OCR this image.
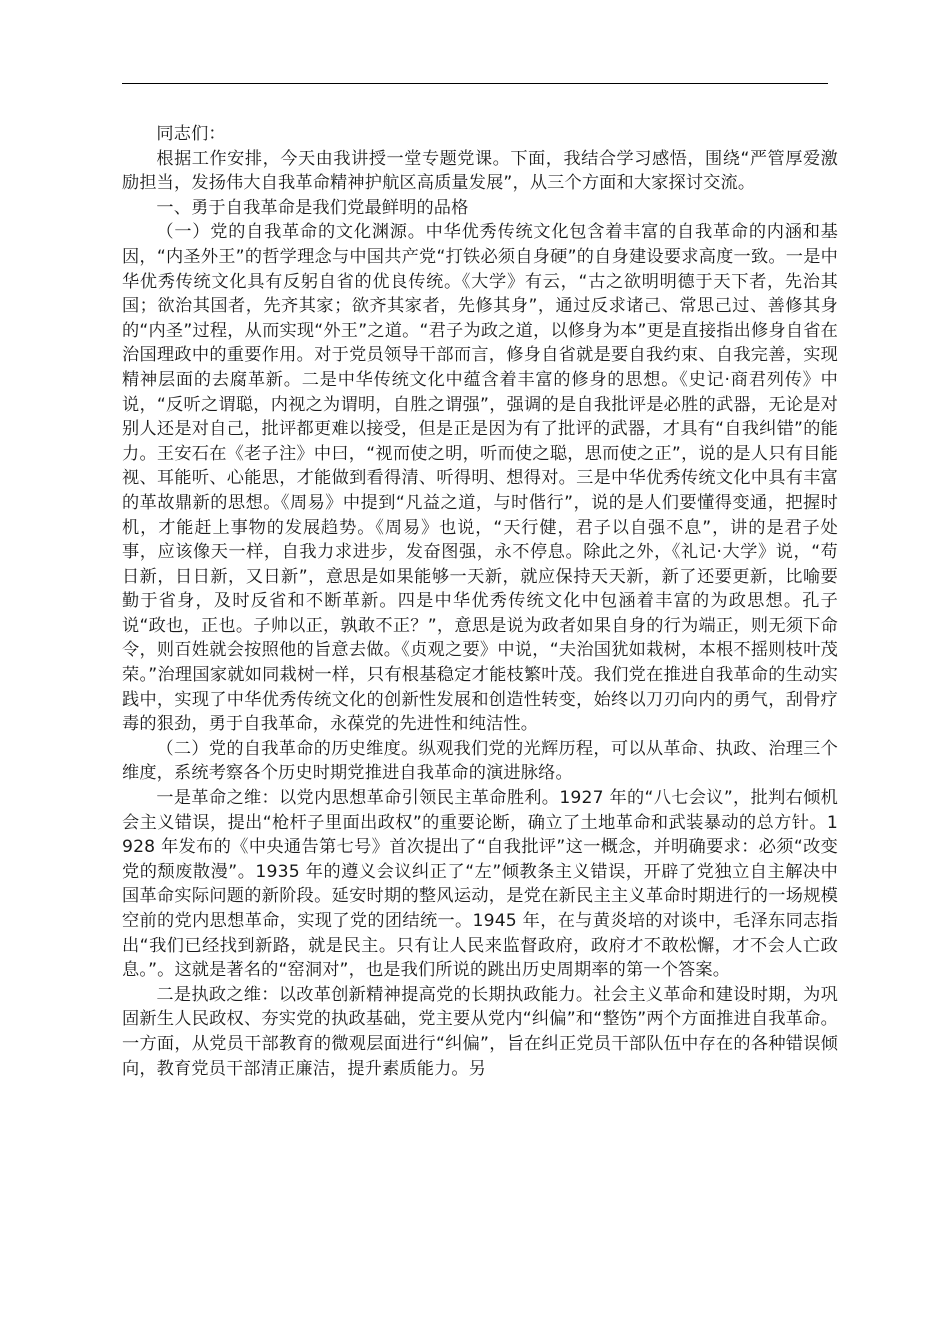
同志们：

根据工作安排，今天由我讲授一堂专题党课。下面，我结合学习感悟，围绕“严管厚爱激励担当，发扬伟大自我革命精神护航区高质量发展”，从三个方面和大家探讨交流。

一、勇于自我革命是我们党最鲜明的品格

（一）党的自我革命的文化渊源。中华优秀传统文化包含着丰富的自我革命的内涵和基因，“内圣外王”的哲学理念与中国共产党“打铁必须自身硬”的自身建设要求高度一致。一是中华优秀传统文化具有反躬自省的优良传统。《大学》有云，“古之欲明明德于天下者，先治其国；欲治其国者，先齐其家；欲齐其家者，先修其身”，通过反求诸己、常思己过、善修其身的“内圣”过程，从而实现“外王”之道。“君子为政之道，以修身为本”更是直接指出修身自省在治国理政中的重要作用。对于党员领导干部而言，修身自省就是要自我约束、自我完善，实现精神层面的去腐革新。二是中华传统文化中蕴含着丰富的修身的思想。《史记·商君列传》中说，“反听之谓聪，内视之为谓明，自胜之谓强”，强调的是自我批评是必胜的武器，无论是对别人还是对自己，批评都更难以接受，但是正是因为有了批评的武器，才具有“自我纠错”的能力。王安石在《老子注》中曰，“视而使之明，听而使之聪，思而使之正”，说的是人只有目能视、耳能听、心能思，才能做到看得清、听得明、想得对。三是中华优秀传统文化中具有丰富的革故鼎新的思想。《周易》中提到“凡益之道，与时偕行”，说的是人们要懂得变通，把握时机，才能赶上事物的发展趋势。《周易》也说，“天行健，君子以自强不息”，讲的是君子处事，应该像天一样，自我力求进步，发奋图强，永不停息。除此之外，《礼记·大学》说，“苟日新，日日新，又日新”，意思是如果能够一天新，就应保持天天新，新了还要更新，比喻要勤于省身，及时反省和不断革新。四是中华优秀传统文化中包涵着丰富的为政思想。孔子说“政也，正也。子帅以正，孰敢不正？”，意思是说为政者如果自身的行为端正，则无须下命令，则百姓就会按照他的旨意去做。《贞观之要》中说，“夫治国犹如栽树，本根不摇则枝叶茂荣。”治理国家就如同栽树一样，只有根基稳定才能枝繁叶茂。我们党在推进自我革命的生动实践中，实现了中华优秀传统文化的创新性发展和创造性转变，始终以刀刃向内的勇气，刮骨疗毒的狠劲，勇于自我革命，永葆党的先进性和纯洁性。

（二）党的自我革命的历史维度。纵观我们党的光辉历程，可以从革命、执政、治理三个维度，系统考察各个历史时期党推进自我革命的演进脉络。

一是革命之维：以党内思想革命引领民主革命胜利。1927 年的“八七会议”，批判右倾机会主义错误，提出“枪杆子里面出政权”的重要论断，确立了土地革命和武装暴动的总方针。1928 年发布的《中央通告第七号》首次提出了“自我批评”这一概念，并明确要求：必须“改变党的颓废散漫”。1935 年的遵义会议纠正了“左”倾教条主义错误，开辟了党独立自主解决中国革命实际问题的新阶段。延安时期的整风运动，是党在新民主主义革命时期进行的一场规模空前的党内思想革命，实现了党的团结统一。1945 年，在与黄炎培的对谈中，毛泽东同志指出“我们已经找到新路，就是民主。只有让人民来监督政府，政府才不敢松懈，才不会人亡政息。”。这就是著名的“窑洞对”，也是我们所说的跳出历史周期率的第一个答案。

二是执政之维：以改革创新精神提高党的长期执政能力。社会主义革命和建设时期，为巩固新生人民政权、夯实党的执政基础，党主要从党内“纠偏”和“整饬”两个方面推进自我革命。一方面，从党员干部教育的微观层面进行“纠偏”，旨在纠正党员干部队伍中存在的各种错误倾向，教育党员干部清正廉洁，提升素质能力。另
